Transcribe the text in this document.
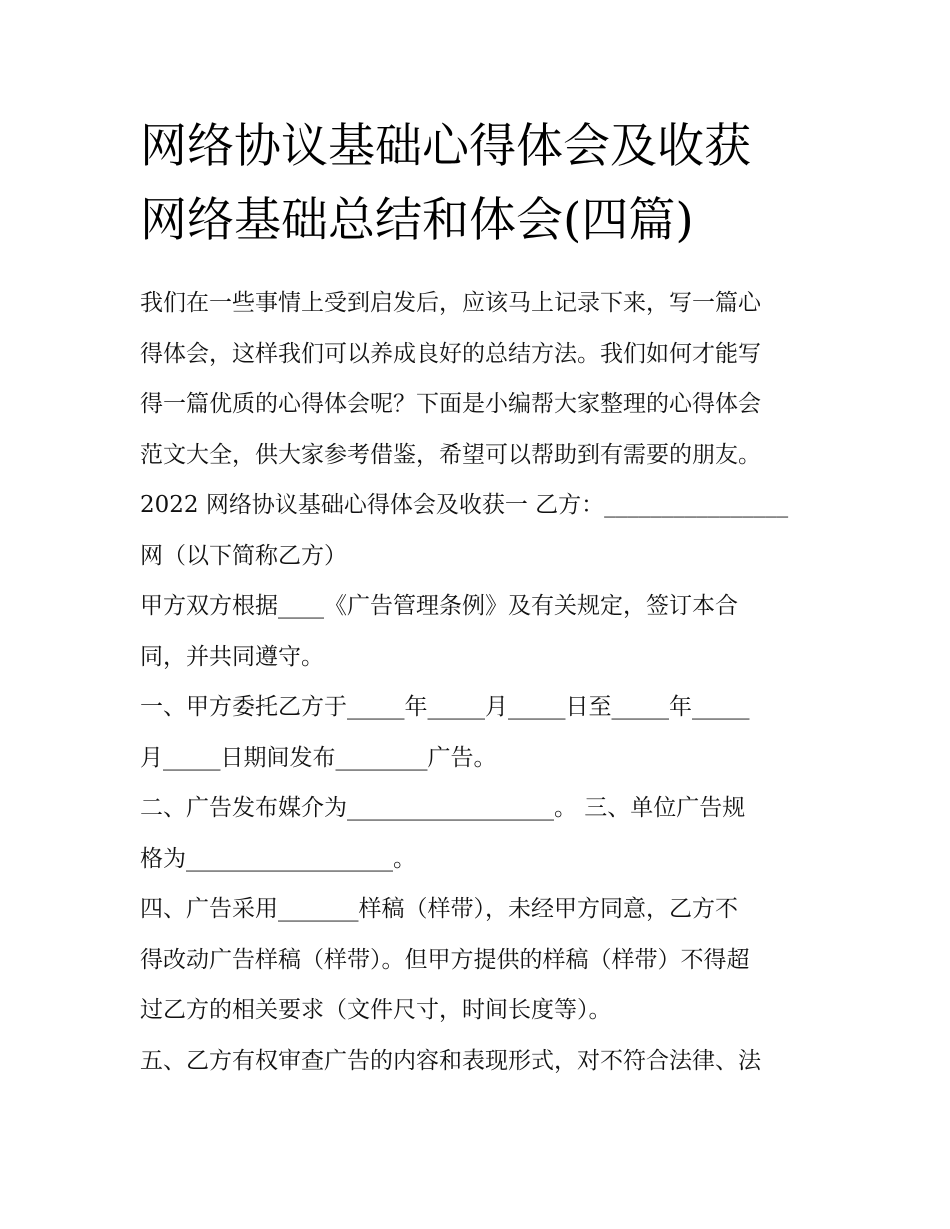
网络协议基础心得体会及收获
网络基础总结和体会(四篇)
我们在一些事情上受到启发后，应该马上记录下来，写一篇心
得体会，这样我们可以养成良好的总结方法。我们如何才能写
得一篇优质的心得体会呢？下面是小编帮大家整理的心得体会
范文大全，供大家参考借鉴，希望可以帮助到有需要的朋友。
2022 网络协议基础心得体会及收获一 乙方：________________
网（以下简称乙方）
甲方双方根据____《广告管理条例》及有关规定，签订本合
同，并共同遵守。
一、甲方委托乙方于_____年_____月_____日至_____年_____
月_____日期间发布________广告。
二、广告发布媒介为__________________。 三、单位广告规
格为__________________。
四、广告采用_______样稿（样带），未经甲方同意，乙方不
得改动广告样稿（样带）。但甲方提供的样稿（样带）不得超
过乙方的相关要求（文件尺寸，时间长度等）。
五、乙方有权审查广告的内容和表现形式，对不符合法律、法
